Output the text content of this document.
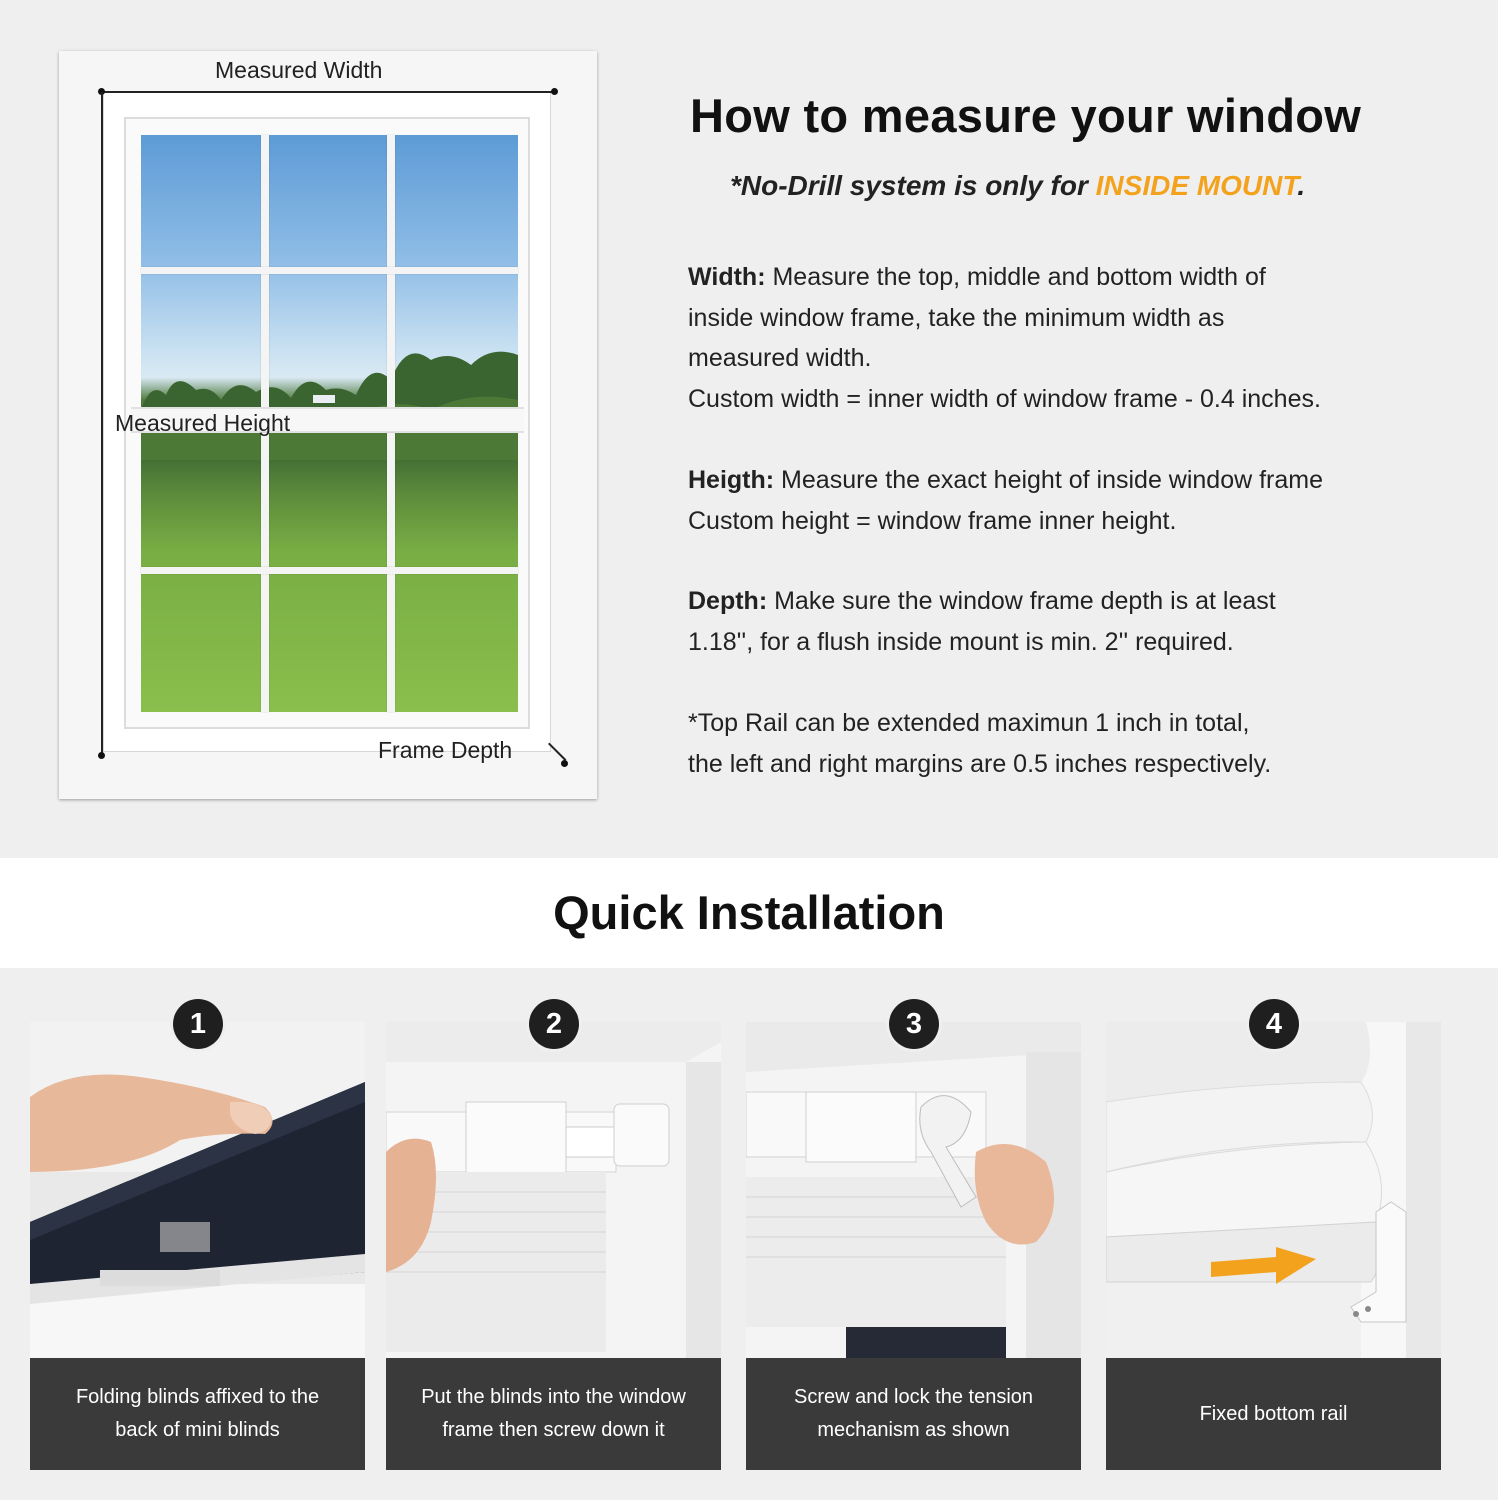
Measured Width
Measured Height
Frame Depth
How to measure your window
*No-Drill system is only for INSIDE MOUNT.
Width: Measure the top, middle and bottom width of
inside window frame, take the minimum width as
measured width.
Custom width = inner width of window frame - 0.4 inches.
Heigth: Measure the exact height of inside window frame
Custom height = window frame inner height.
Depth: Make sure the window frame depth is at least
1.18'', for a flush inside mount is min. 2'' required.
*Top Rail can be extended maximun 1 inch in total,
the left and right margins are 0.5 inches respectively.
Quick Installation
1	2	3	4
Folding blinds affixed to the
back of mini blinds
Put the blinds into the window
frame then screw down it
Screw and lock the tension
mechanism as shown
Fixed bottom rail
